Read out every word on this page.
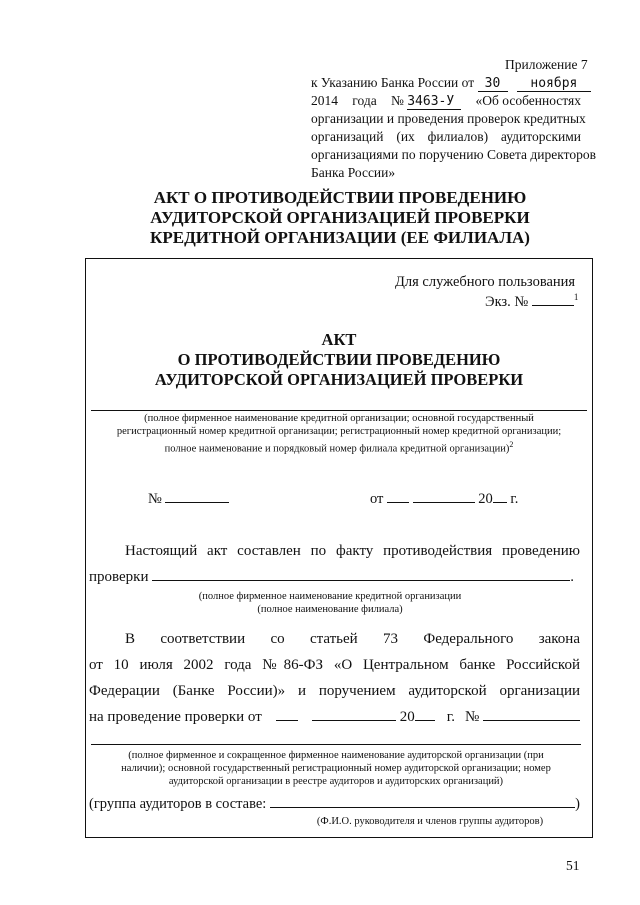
Приложение 7
к Указанию Банка России от 30 ноября
2014 года № 3463-У	«Об особенностях
организации и проведения проверок кредитных
организаций (их филиалов) аудиторскими
организациями по поручению Совета директоров
Банка России»
АКТ О ПРОТИВОДЕЙСТВИИ ПРОВЕДЕНИЮ
АУДИТОРСКОЙ ОРГАНИЗАЦИЕЙ ПРОВЕРКИ
КРЕДИТНОЙ ОРГАНИЗАЦИИ (ЕЕ ФИЛИАЛА)
Для служебного пользования
Экз. №	$^1$
АКТ
О ПРОТИВОДЕЙСТВИИ ПРОВЕДЕНИЮ
АУДИТОРСКОЙ ОРГАНИЗАЦИЕЙ ПРОВЕРКИ
(полное фирменное наименование кредитной организации; основной государственный
регистрационный номер кредитной организации; регистрационный номер кредитной организации;
полное наименование и порядковый номер филиала кредитной организации)$^2$
№	от	20 г.
Настоящий акт составлен по факту противодействия проведению
проверки	.
(полное фирменное наименование кредитной организации
(полное наименование филиала)
В соответствии со статьей 73 Федерального закона
от 10 июля 2002 года №86-ФЗ «О Центральном банке Российской
Федерации (Банке России)» и поручением аудиторской организации
на проведение проверки от	20 г. №
(полное фирменное и сокращенное фирменное наименование аудиторской организации (при
наличии); основной государственный регистрационный номер аудиторской организации; номер
аудиторской организации в реестре аудиторов и аудиторских организаций)
(группа аудиторов в составе:	)
(Ф.И.О. руководителя и членов группы аудиторов)
51
